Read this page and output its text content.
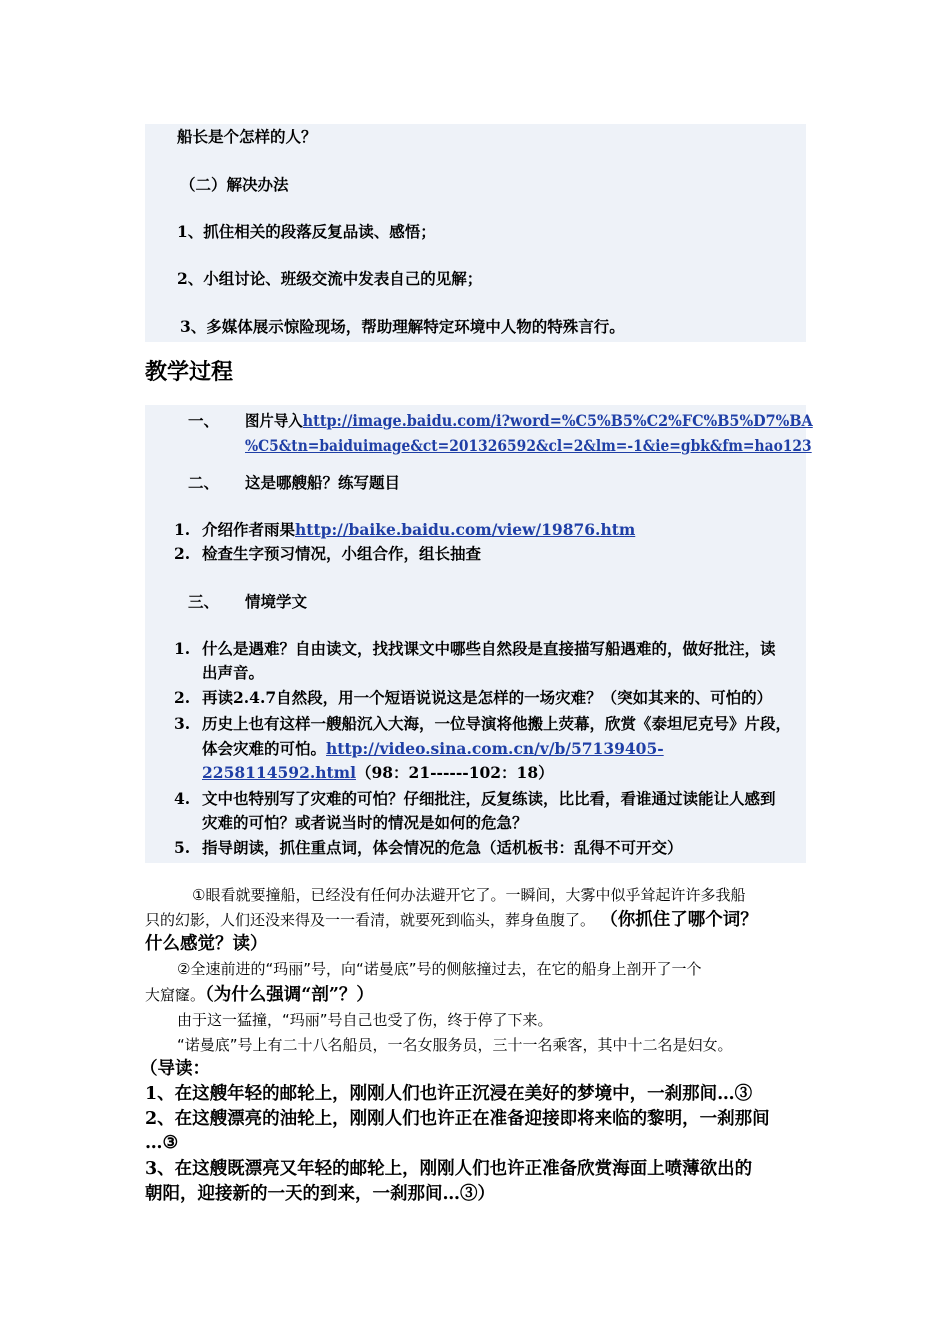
船长是个怎样的人？
（二）解决办法
1、抓住相关的段落反复品读、感悟；
2、小组讨论、班级交流中发表自己的见解；
3、多媒体展示惊险现场，帮助理解特定环境中人物的特殊言行。
教学过程
一、 图片导入http://image.baidu.com/i?word=%C5%B5%C2%FC%B5%D7%BA
%C5&tn=baiduimage&ct=201326592&cl=2&lm=-1&ie=gbk&fm=hao123
二、 这是哪艘船？练写题目
1. 介绍作者雨果http://baike.baidu.com/view/19876.htm
2. 检查生字预习情况，小组合作，组长抽查
三、 情境学文
1. 什么是遇难？自由读文，找找课文中哪些自然段是直接描写船遇难的，做好批注，读
出声音。
2. 再读2.4.7自然段，用一个短语说说这是怎样的一场灾难？（突如其来的、可怕的）
3. 历史上也有这样一艘船沉入大海，一位导演将他搬上荧幕，欣赏《泰坦尼克号》片段，
体会灾难的可怕。http://video.sina.com.cn/v/b/57139405-
2258114592.html（98：21------102：18）
4. 文中也特别写了灾难的可怕？仔细批注，反复练读，比比看，看谁通过读能让人感到
灾难的可怕？或者说当时的情况是如何的危急？
5. 指导朗读，抓住重点词，体会情况的危急（适机板书：乱得不可开交）
①眼看就要撞船，已经没有任何办法避开它了。一瞬间，大雾中似乎耸起许许多我船
只的幻影，人们还没来得及一一看清，就要死到临头，葬身鱼腹了。 （你抓住了哪个词？
什么感觉？读）
②全速前进的“玛丽”号，向“诺曼底”号的侧舷撞过去，在它的船身上剖开了一个
大窟窿。（为什么强调“剖”？）
由于这一猛撞，“玛丽”号自己也受了伤，终于停了下来。
“诺曼底”号上有二十八名船员，一名女服务员，三十一名乘客，其中十二名是妇女。
（导读：
1、在这艘年轻的邮轮上，刚刚人们也许正沉浸在美好的梦境中，一刹那间…③
2、在这艘漂亮的油轮上，刚刚人们也许正在准备迎接即将来临的黎明，一刹那间
…③
3、在这艘既漂亮又年轻的邮轮上，刚刚人们也许正准备欣赏海面上喷薄欲出的
朝阳，迎接新的一天的到来，一刹那间…③）
